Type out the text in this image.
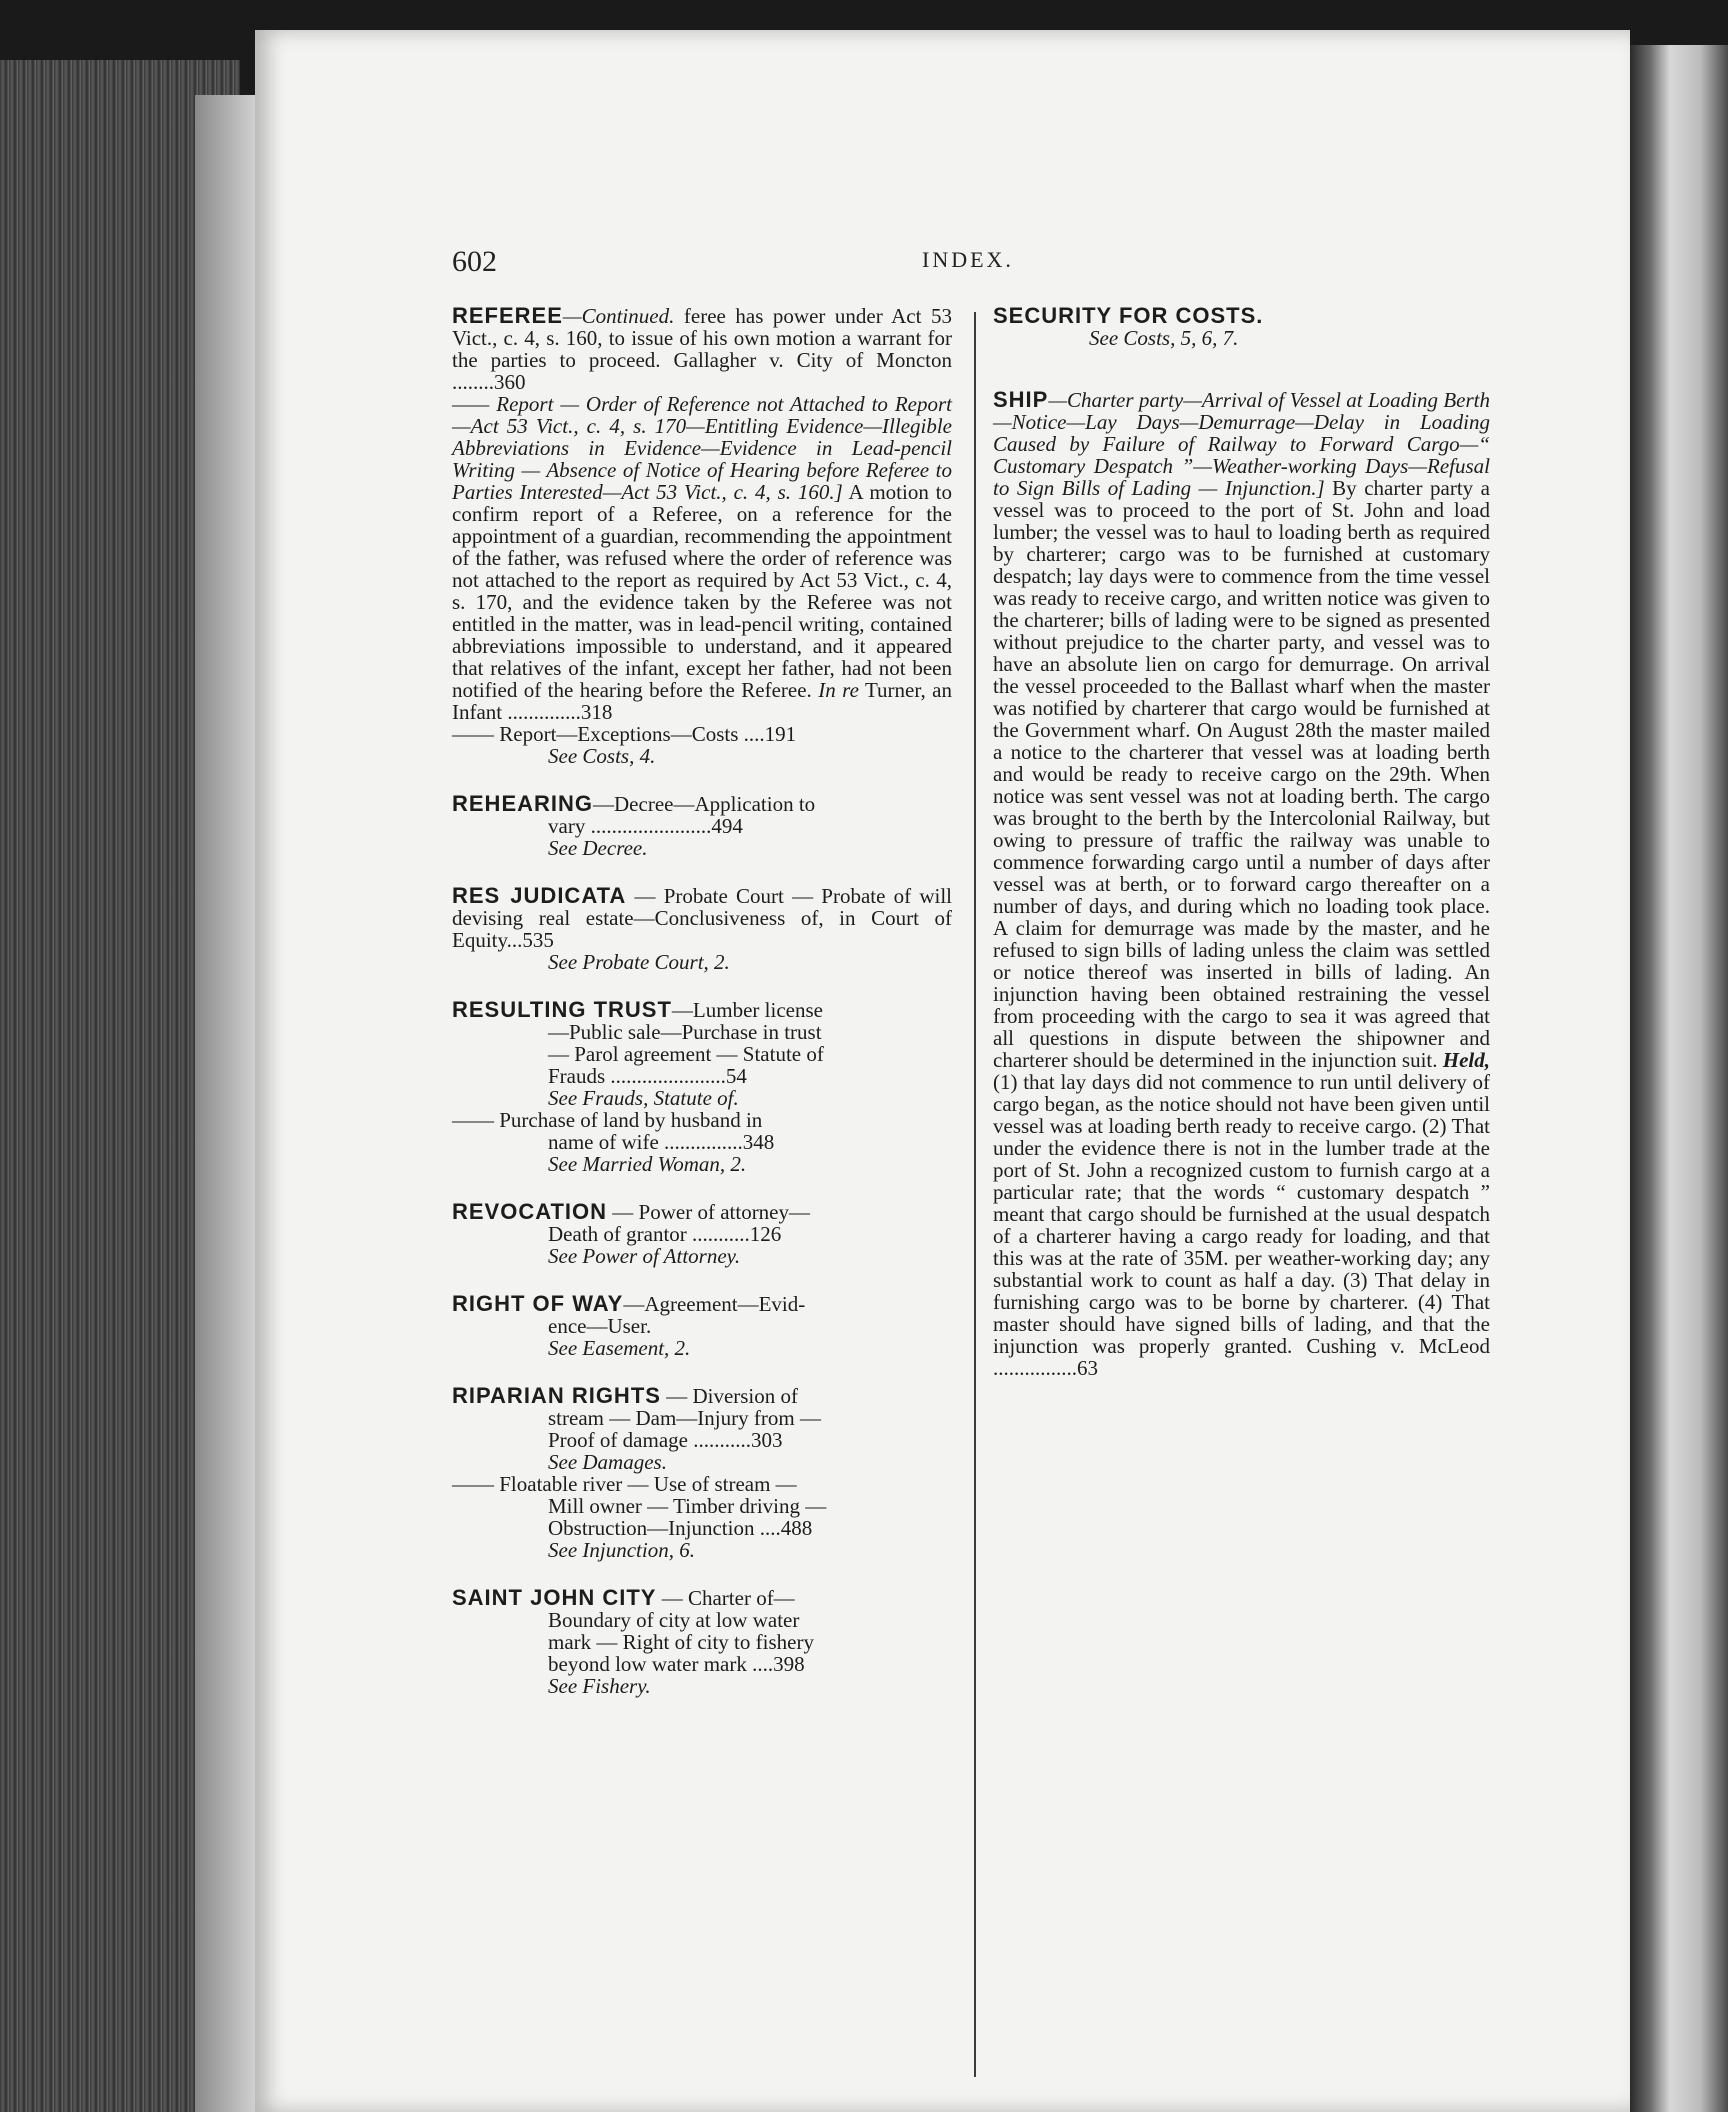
602	INDEX.

REFEREE—Continued. feree has power under Act 53 Vict., c. 4, s. 160, to issue of his own motion a warrant for the parties to proceed. Gallagher v. City of Moncton ........360

—— Report — Order of Reference not Attached to Report—Act 53 Vict., c. 4, s. 170—Entitling Evidence—Illegible Abbreviations in Evidence—Evidence in Lead-pencil Writing — Absence of Notice of Hearing before Referee to Parties Interested—Act 53 Vict., c. 4, s. 160.] A motion to confirm report of a Referee, on a reference for the appointment of a guardian, recommending the appointment of the father, was refused where the order of reference was not attached to the report as required by Act 53 Vict., c. 4, s. 170, and the evidence taken by the Referee was not entitled in the matter, was in lead-pencil writing, contained abbreviations impossible to understand, and it appeared that relatives of the infant, except her father, had not been notified of the hearing before the Referee. In re Turner, an Infant ..............318

—— Report—Exceptions—Costs ....191

See Costs, 4.

REHEARING—Decree—Application to

vary .......................494

See Decree.

RES JUDICATA — Probate Court — Probate of will devising real estate—Conclusiveness of, in Court of Equity...535

See Probate Court, 2.

RESULTING TRUST—Lumber license

—Public sale—Purchase in trust

— Parol agreement — Statute of

Frauds ......................54

See Frauds, Statute of.

—— Purchase of land by husband in

name of wife ...............348

See Married Woman, 2.

REVOCATION — Power of attorney—

Death of grantor ...........126

See Power of Attorney.

RIGHT OF WAY—Agreement—Evid-

ence—User.

See Easement, 2.

RIPARIAN RIGHTS — Diversion of

stream — Dam—Injury from —

Proof of damage ...........303

See Damages.

—— Floatable river — Use of stream —

Mill owner — Timber driving —

Obstruction—Injunction ....488

See Injunction, 6.

SAINT JOHN CITY — Charter of—

Boundary of city at low water

mark — Right of city to fishery

beyond low water mark ....398

See Fishery.

SECURITY FOR COSTS.

See Costs, 5, 6, 7.

SHIP—Charter party—Arrival of Vessel at Loading Berth—Notice—Lay Days—Demurrage—Delay in Loading Caused by Failure of Railway to Forward Cargo—“ Customary Despatch ”—Weather-working Days—Refusal to Sign Bills of Lading — Injunction.] By charter party a vessel was to proceed to the port of St. John and load lumber; the vessel was to haul to loading berth as required by charterer; cargo was to be furnished at customary despatch; lay days were to commence from the time vessel was ready to receive cargo, and written notice was given to the charterer; bills of lading were to be signed as presented without prejudice to the charter party, and vessel was to have an absolute lien on cargo for demurrage. On arrival the vessel proceeded to the Ballast wharf when the master was notified by charterer that cargo would be furnished at the Government wharf. On August 28th the master mailed a notice to the charterer that vessel was at loading berth and would be ready to receive cargo on the 29th. When notice was sent vessel was not at loading berth. The cargo was brought to the berth by the Intercolonial Railway, but owing to pressure of traffic the railway was unable to commence forwarding cargo until a number of days after vessel was at berth, or to forward cargo thereafter on a number of days, and during which no loading took place. A claim for demurrage was made by the master, and he refused to sign bills of lading unless the claim was settled or notice thereof was inserted in bills of lading. An injunction having been obtained restraining the vessel from proceeding with the cargo to sea it was agreed that all questions in dispute between the shipowner and charterer should be determined in the injunction suit. Held, (1) that lay days did not commence to run until delivery of cargo began, as the notice should not have been given until vessel was at loading berth ready to receive cargo. (2) That under the evidence there is not in the lumber trade at the port of St. John a recognized custom to furnish cargo at a particular rate; that the words “ customary despatch ” meant that cargo should be furnished at the usual despatch of a charterer having a cargo ready for loading, and that this was at the rate of 35M. per weather-working day; any substantial work to count as half a day. (3) That delay in furnishing cargo was to be borne by charterer. (4) That master should have signed bills of lading, and that the injunction was properly granted. Cushing v. McLeod ................63
